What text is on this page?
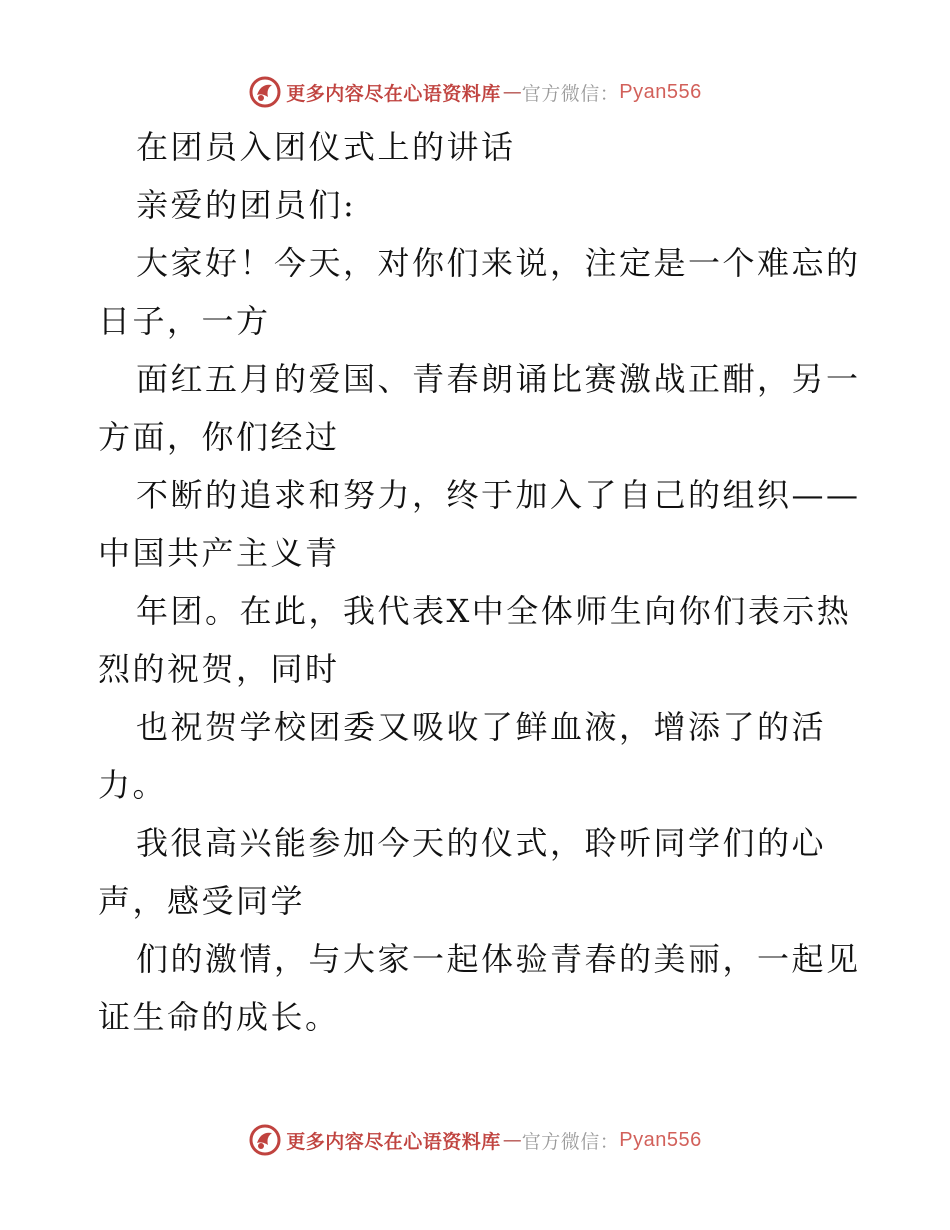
更多内容尽在心语资料库 — 官方微信： Pyan556
在团员入团仪式上的讲话
亲爱的团员们:
大家好！今天，对你们来说，注定是一个难忘的
日子，一方
面红五月的爱国、青春朗诵比赛激战正酣，另一
方面，你们经过
不断的追求和努力，终于加入了自己的组织——
中国共产主义青
年团。在此，我代表X中全体师生向你们表示热
烈的祝贺，同时
也祝贺学校团委又吸收了鲜血液，增添了的活
力。
我很高兴能参加今天的仪式，聆听同学们的心
声，感受同学
们的激情，与大家一起体验青春的美丽，一起见
证生命的成长。
更多内容尽在心语资料库 — 官方微信： Pyan556
